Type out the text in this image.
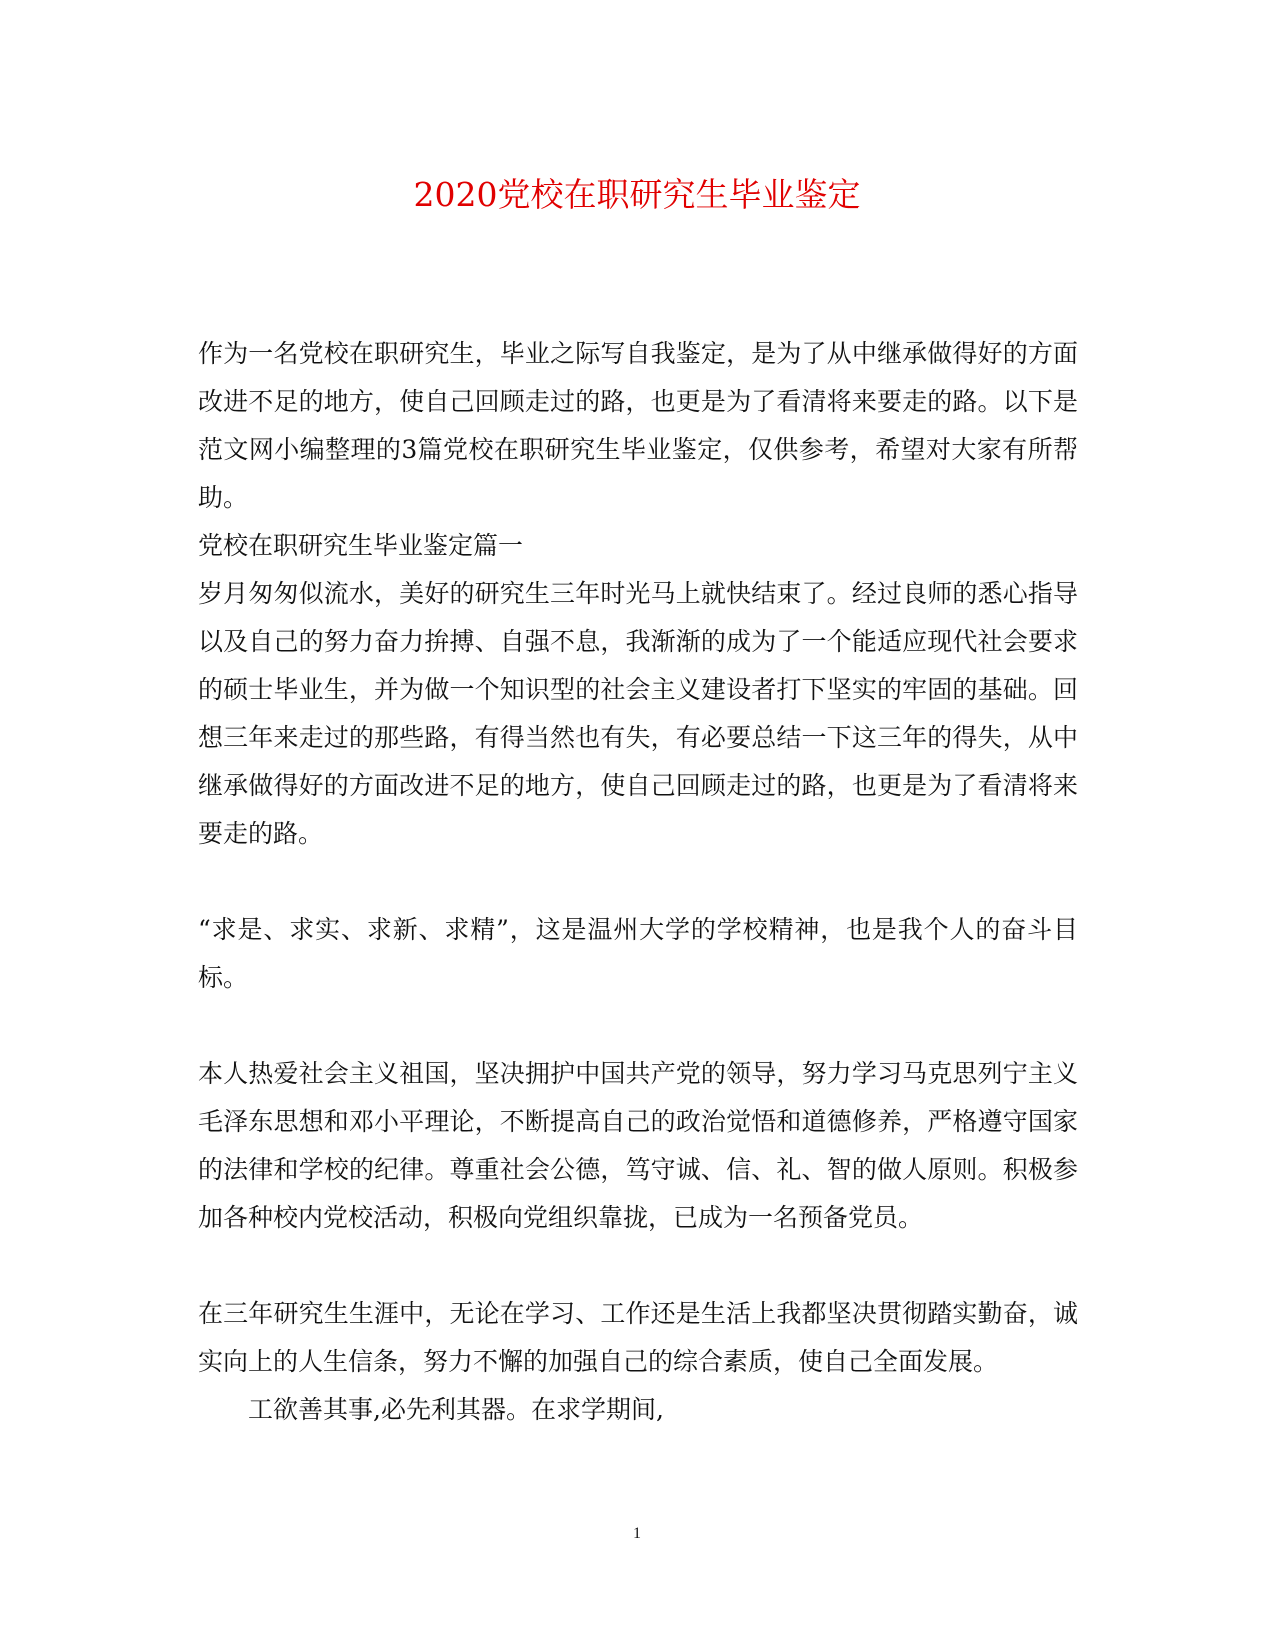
2020党校在职研究生毕业鉴定

作为一名党校在职研究生，毕业之际写自我鉴定，是为了从中继承做得好的方面改进不足的地方，使自己回顾走过的路，也更是为了看清将来要走的路。以下是范文网小编整理的3篇党校在职研究生毕业鉴定，仅供参考，希望对大家有所帮助。

党校在职研究生毕业鉴定篇一

岁月匆匆似流水，美好的研究生三年时光马上就快结束了。经过良师的悉心指导以及自己的努力奋力拚搏、自强不息，我渐渐的成为了一个能适应现代社会要求的硕士毕业生，并为做一个知识型的社会主义建设者打下坚实的牢固的基础。回想三年来走过的那些路，有得当然也有失，有必要总结一下这三年的得失，从中继承做得好的方面改进不足的地方，使自己回顾走过的路，也更是为了看清将来要走的路。

“求是、求实、求新、求精”，这是温州大学的学校精神，也是我个人的奋斗目标。

本人热爱社会主义祖国，坚决拥护中国共产党的领导，努力学习马克思列宁主义毛泽东思想和邓小平理论，不断提高自己的政治觉悟和道德修养，严格遵守国家的法律和学校的纪律。尊重社会公德，笃守诚、信、礼、智的做人原则。积极参加各种校内党校活动，积极向党组织靠拢，已成为一名预备党员。

在三年研究生生涯中，无论在学习、工作还是生活上我都坚决贯彻踏实勤奋，诚实向上的人生信条，努力不懈的加强自己的综合素质，使自己全面发展。

工欲善其事,必先利其器。在求学期间,

1
